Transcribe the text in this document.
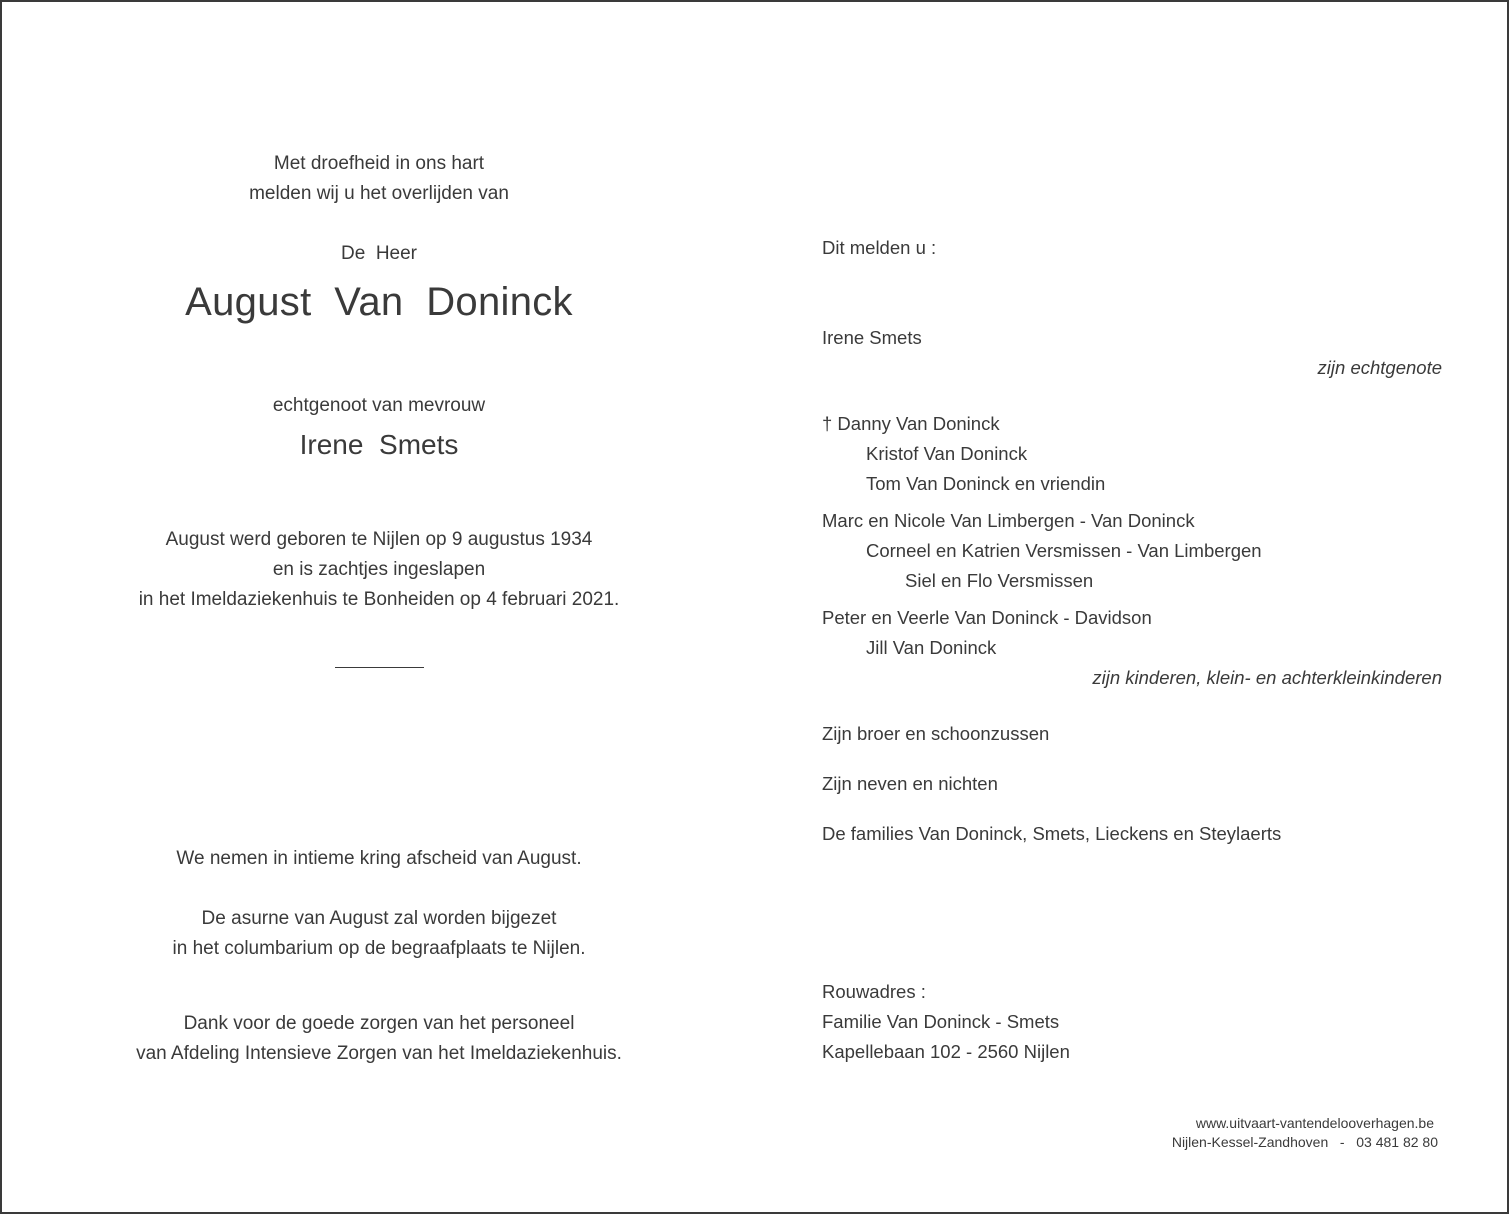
Met droefheid in ons hart
melden wij u het overlijden van
De  Heer
August  Van  Doninck
echtgenoot van mevrouw
Irene  Smets
August werd geboren te Nijlen op 9 augustus 1934
en is zachtjes ingeslapen
in het Imeldaziekenhuis te Bonheiden op 4 februari 2021.
We nemen in intieme kring afscheid van August.
De asurne van August zal worden bijgezet
in het columbarium op de begraafplaats te Nijlen.
Dank voor de goede zorgen van het personeel
van Afdeling Intensieve Zorgen van het Imeldaziekenhuis.
Dit melden u :
Irene Smets
zijn echtgenote
† Danny Van Doninck
Kristof Van Doninck
Tom Van Doninck en vriendin
Marc en Nicole Van Limbergen - Van Doninck
Corneel en Katrien Versmissen - Van Limbergen
Siel en Flo Versmissen
Peter en Veerle Van Doninck - Davidson
Jill Van Doninck
zijn kinderen, klein- en achterkleinkinderen
Zijn broer en schoonzussen
Zijn neven en nichten
De families Van Doninck, Smets, Lieckens en Steylaerts
Rouwadres :
Familie Van Doninck - Smets
Kapellebaan 102 - 2560 Nijlen
www.uitvaart-vantendelooverhagen.be
Nijlen-Kessel-Zandhoven   -   03 481 82 80
